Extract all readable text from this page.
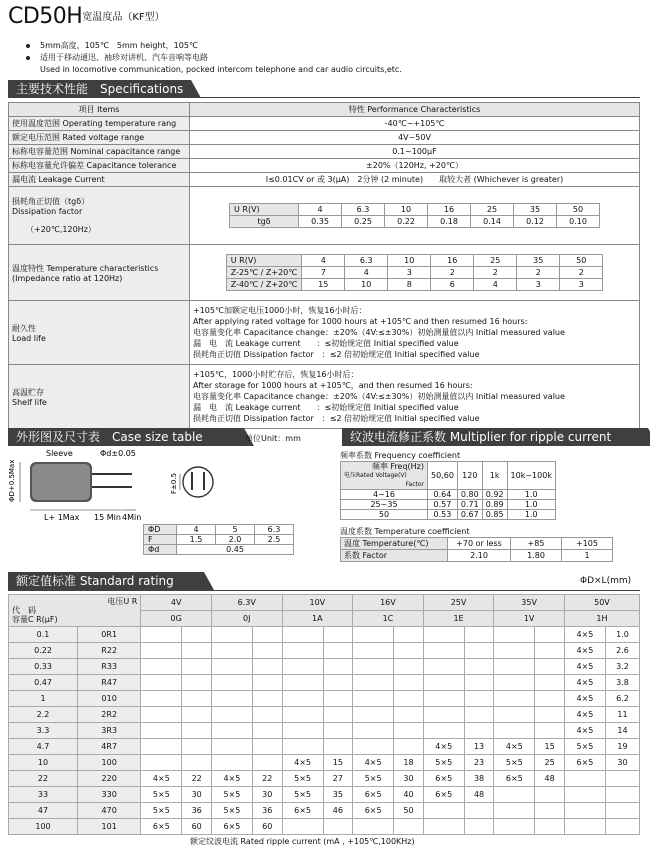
$CD50H^{宽温度品(KF型)}$
5mm高度，105℃　5mm height，105℃
适用于移动通迅、袖珍对讲机、汽车音响等电路
Used in locomotive communication, pocked intercom telephone and car audio circuits,etc.
主要技术性能　Specifications
项目 Items	特性 Performance Characteristics
使用温度范围 Operating temperature rang	-40℃~+105℃
额定电压范围 Rated voltage range	4V~50V
标称电容量范围 Nominal capacitance range	0.1~100μF
标称电容量允许偏差 Capacitance tolerance	±20%（120Hz, +20℃）
漏电流 Leakage Current	I≤0.01CV or 或 3(μA)　2分钟 (2 minute)　　取较大者 (Whichever is greater)

损耗角正切值（tgδ）
Dissipation factor
（+20℃,120Hz）

U R(V)	4	6.3	10	16	25	35	50
tgδ	0.35	0.25	0.22	0.18	0.14	0.12	0.10

温度特性 Temperature characteristics
(Impedance ratio at 120Hz)

U R(V)	4	6.3	10	16	25	35	50
Z-25℃ / Z+20℃	7	4	3	2	2	2	2
Z-40℃ / Z+20℃	15	10	8	6	4	3	3

耐久性
Load life

+105℃加额定电压1000小时，恢复16小时后：
After applying rated voltage for 1000 hours at +105℃ and then resumed 16 hours:
电容量变化率 Capacitance change：±20%（4V:≤±30%）初始测量值以内 Initial measured value
漏　电　流 Leakage current　　：≤初始规定值 Initial specified value
损耗角正切值 Dissipation factor　：≤2 倍初始规定值 Initial specified value

高温贮存
Shelf life

+105℃，1000小时贮存后，恢复16小时后：
After storage for 1000 hours at +105℃，and then resumed 16 hours:
电容量变化率 Capacitance change：±20%（4V:≤±30%）初始测量值以内 Initial measured value
漏　电　流 Leakage current　　：≤初始规定值 Initial specified value
损耗角正切值 Dissipation factor　：≤2 倍初始规定值 Initial specified value
外形图及尺寸表　Case size table	单位Unit：mm	纹波电流修正系数 Multiplier for ripple current
Sleeve	Φd±0.05
L+ 1Max 15 Min 4Min
ΦD+0.5Max	F±0.5
ΦD	4	5	6.3
F	1.5	2.0	2.5
Φd	0.45		
频率系数 Frequency coefficient
频率 Freq(Hz)
电压Rated Voltage(V)
Factor	50,60	120	1k	10k~100k
4~16	0.64	0.80	0.92	1.0
25~35	0.57	0.71	0.89	1.0
50	0.53	0.67	0.85	1.0
温度系数 Temperature coefficient
温度 Temperature(℃)	+70 or less	+85	+105
系数 Factor	2.10	1.80	1
额定值标准 Standard rating	ΦD×L(mm)
电压U R
代　码
容量C R(μF)		4V		6.3V		10V		16V		25V		35V		50V	
		0G		0J		1A		1C		1E		1V		1H	
0.1	0R1													4×5	1.0
0.22	R22													4×5	2.6
0.33	R33													4×5	3.2
0.47	R47													4×5	3.8
1	010													4×5	6.2
2.2	2R2													4×5	11
3.3	3R3													4×5	14
4.7	4R7									4×5	13	4×5	15	5×5	19
10	100					4×5	15	4×5	18	5×5	23	5×5	25	6×5	30
22	220	4×5	22	4×5	22	5×5	27	5×5	30	6×5	38	6×5	48		
33	330	5×5	30	5×5	30	5×5	35	6×5	40	6×5	48				
47	470	5×5	36	5×5	36	6×5	46	6×5	50						
100	101	6×5	60	6×5	60										
额定纹波电流 Rated ripple current (mA , +105℃,100KHz)
